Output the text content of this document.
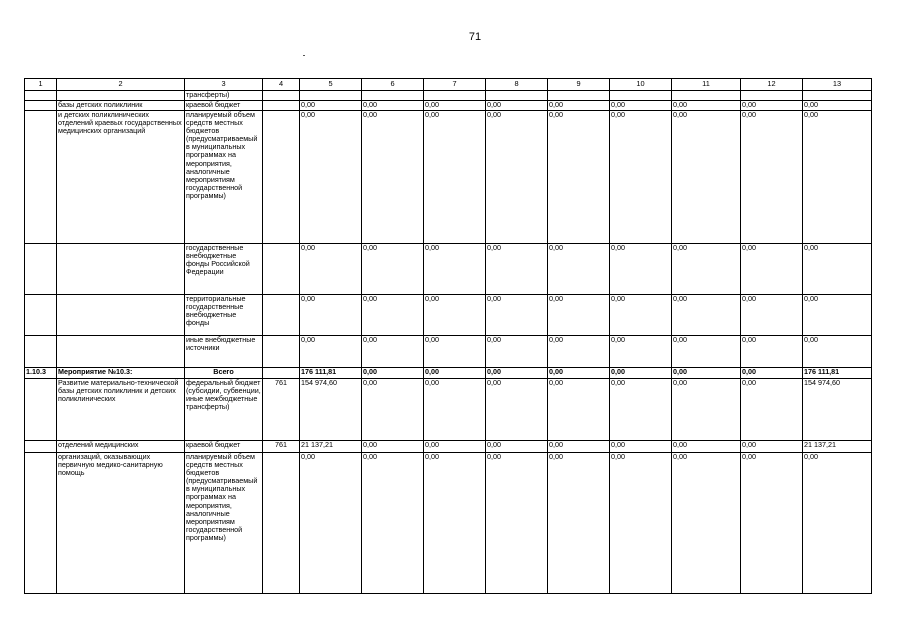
71
1	2	3	4	5	6	7	8	9	10	11	12	13
		трансферты)										
	базы детских поликлиник	краевой бюджет		0,00	0,00	0,00	0,00	0,00	0,00	0,00	0,00	0,00
	и детских поликлинических отделений краевых государственных медицинских организаций	планируемый объем средств местных бюджетов (предусматриваемый в муниципальных программах на мероприятия, аналогичные мероприятиям государственной программы)		0,00	0,00	0,00	0,00	0,00	0,00	0,00	0,00	0,00
		государственные внебюджетные фонды Российской Федерации		0,00	0,00	0,00	0,00	0,00	0,00	0,00	0,00	0,00
		территориальные государственные внебюджетные фонды		0,00	0,00	0,00	0,00	0,00	0,00	0,00	0,00	0,00
		иные внебюджетные источники		0,00	0,00	0,00	0,00	0,00	0,00	0,00	0,00	0,00
1.10.3	Мероприятие №10.3:	Всего		176 111,81	0,00	0,00	0,00	0,00	0,00	0,00	0,00	176 111,81
	Развитие материально-технической базы детских поликлиник и детских поликлинических	федеральный бюджет (субсидии, субвенции, иные межбюджетные трансферты)	761	154 974,60	0,00	0,00	0,00	0,00	0,00	0,00	0,00	154 974,60
	отделений медицинских	краевой бюджет	761	21 137,21	0,00	0,00	0,00	0,00	0,00	0,00	0,00	21 137,21
	организаций, оказывающих первичную медико-санитарную помощь	планируемый объем средств местных бюджетов (предусматриваемый в муниципальных программах на мероприятия, аналогичные мероприятиям государственной программы)		0,00	0,00	0,00	0,00	0,00	0,00	0,00	0,00	0,00
